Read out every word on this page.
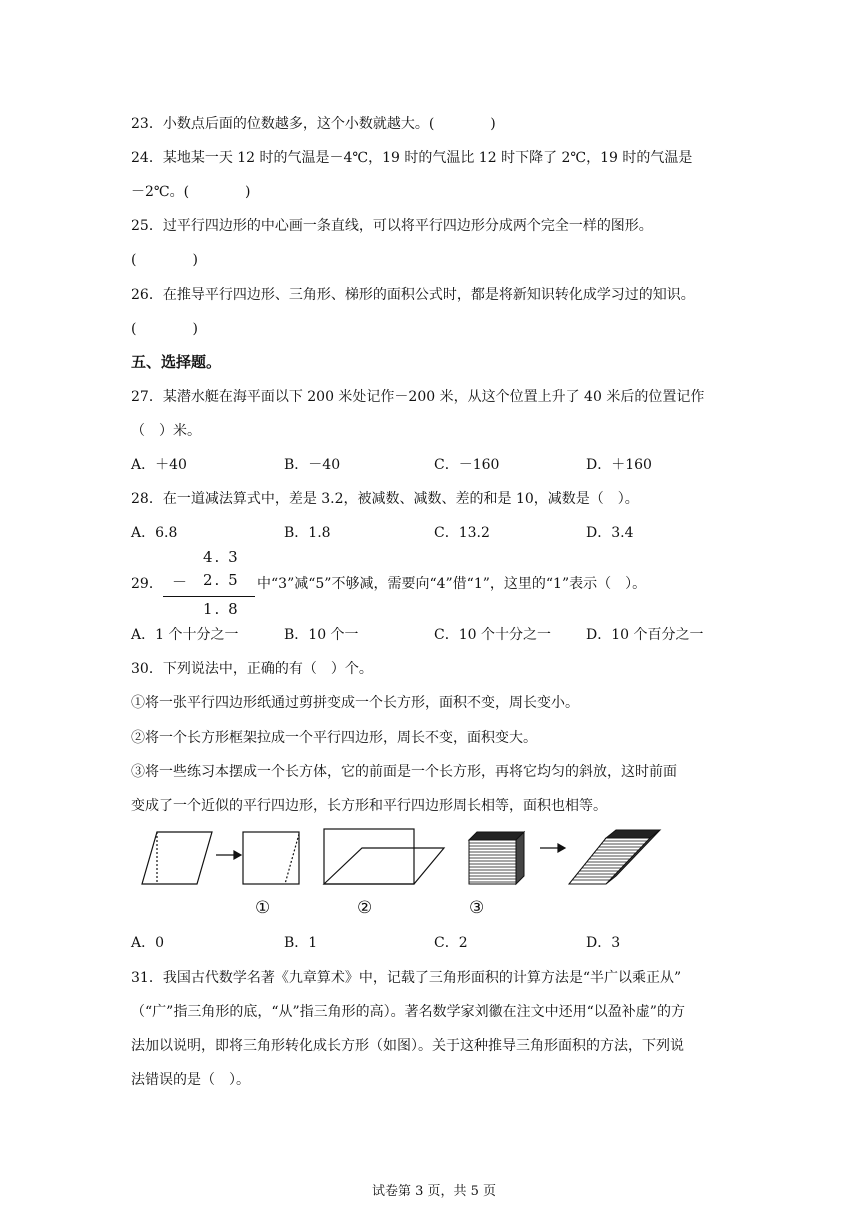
23．小数点后面的位数越多，这个小数就越大。(　　　　)
24．某地某一天 12 时的气温是－4℃，19 时的气温比 12 时下降了 2℃，19 时的气温是
－2℃。(　　　　)
25．过平行四边形的中心画一条直线，可以将平行四边形分成两个完全一样的图形。
(　　　　)
26．在推导平行四边形、三角形、梯形的面积公式时，都是将新知识转化成学习过的知识。
(　　　　)
五、选择题。
27．某潜水艇在海平面以下 200 米处记作－200 米，从这个位置上升了 40 米后的位置记作
（　）米。
A．＋40	B．－40	C．－160	D．＋160
28．在一道减法算式中，差是 3.2，被减数、减数、差的和是 10，减数是（　）。
A．6.8	B．1.8	C．13.2	D．3.4
29．
4. 3
－ 2. 5
1. 8
中“3”减“5”不够减，需要向“4”借“1”，这里的“1”表示（　）。
A．1 个十分之一	B．10 个一	C．10 个十分之一	D．10 个百分之一
30．下列说法中，正确的有（　）个。
①将一张平行四边形纸通过剪拼变成一个长方形，面积不变，周长变小。
②将一个长方形框架拉成一个平行四边形，周长不变，面积变大。
③将一些练习本摆成一个长方体，它的前面是一个长方形，再将它均匀的斜放，这时前面
变成了一个近似的平行四边形，长方形和平行四边形周长相等，面积也相等。
①	②	③
A．0	B．1	C．2	D．3
31．我国古代数学名著《九章算术》中，记载了三角形面积的计算方法是“半广以乘正从”
（“广”指三角形的底，“从”指三角形的高）。著名数学家刘徽在注文中还用“以盈补虚”的方
法加以说明，即将三角形转化成长方形（如图）。关于这种推导三角形面积的方法，下列说
法错误的是（　）。
试卷第 3 页，共 5 页
